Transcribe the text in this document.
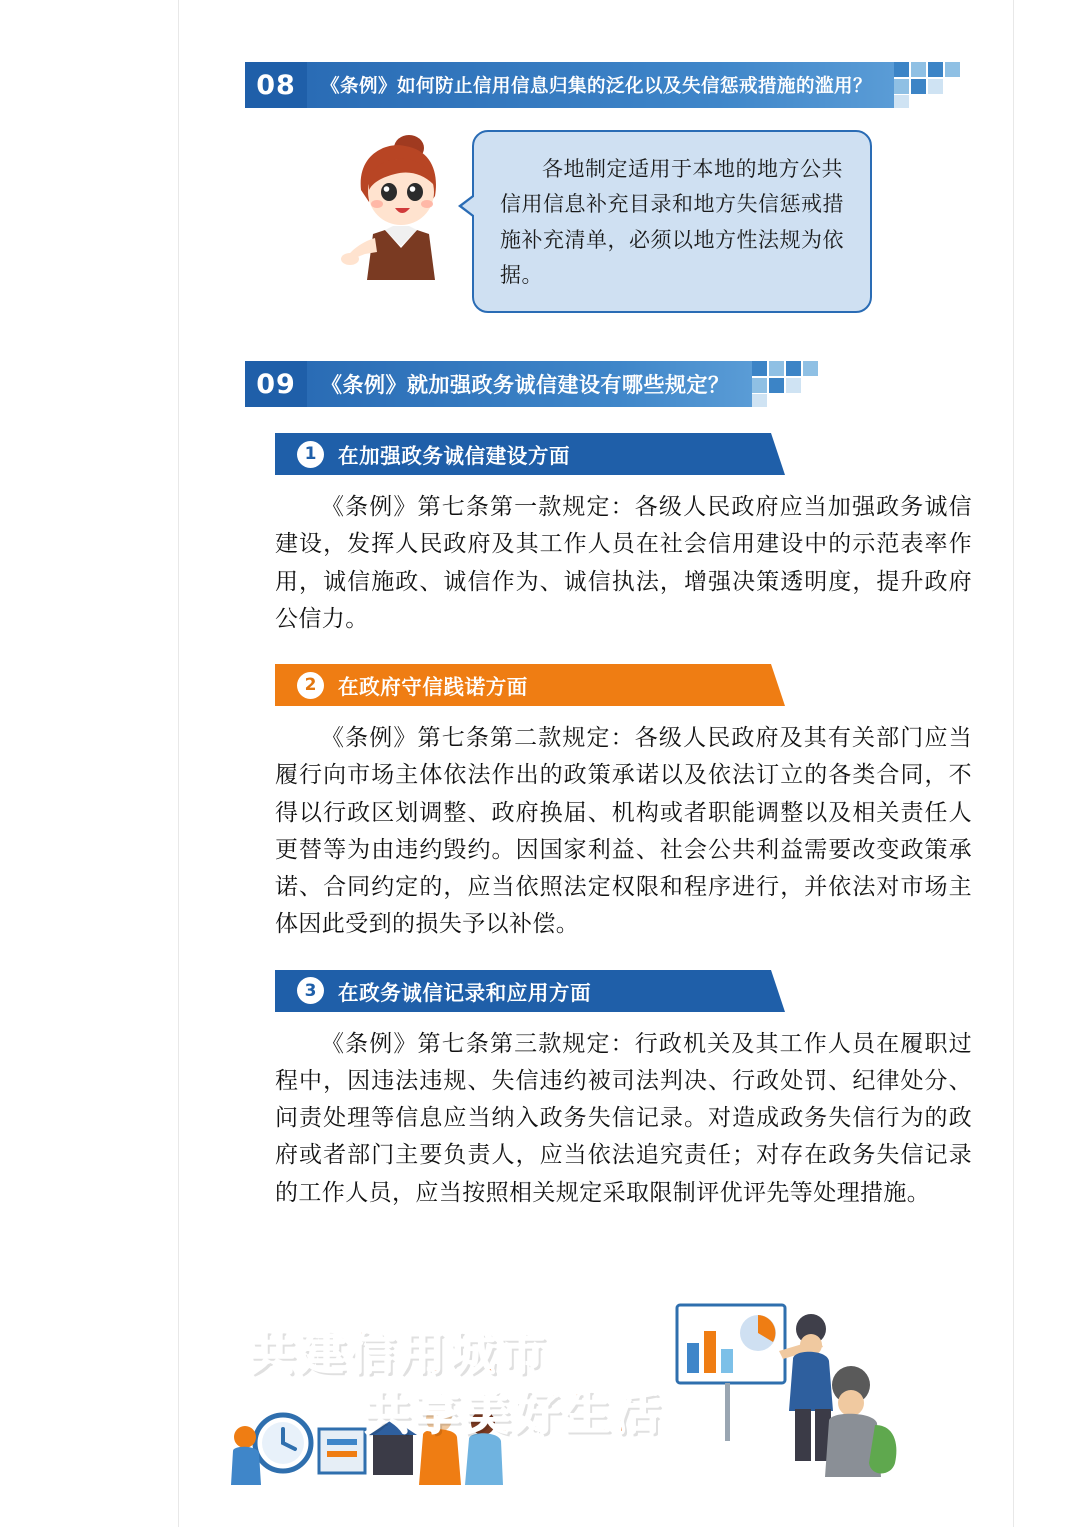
08	《条例》如何防止信用信息归集的泛化以及失信惩戒措施的滥用？

各地制定适用于本地的地方公共信用信息补充目录和地方失信惩戒措施补充清单，必须以地方性法规为依据。

09	《条例》就加强政务诚信建设有哪些规定？
1	在加强政务诚信建设方面
《条例》第七条第一款规定：各级人民政府应当加强政务诚信建设，发挥人民政府及其工作人员在社会信用建设中的示范表率作用，诚信施政、诚信作为、诚信执法，增强决策透明度，提升政府公信力。
2	在政府守信践诺方面
《条例》第七条第二款规定：各级人民政府及其有关部门应当履行向市场主体依法作出的政策承诺以及依法订立的各类合同，不得以行政区划调整、政府换届、机构或者职能调整以及相关责任人更替等为由违约毁约。因国家利益、社会公共利益需要改变政策承诺、合同约定的，应当依照法定权限和程序进行，并依法对市场主体因此受到的损失予以补偿。
3	在政务诚信记录和应用方面
《条例》第七条第三款规定：行政机关及其工作人员在履职过程中，因违法违规、失信违约被司法判决、行政处罚、纪律处分、问责处理等信息应当纳入政务失信记录。对造成政务失信行为的政府或者部门主要负责人，应当依法追究责任；对存在政务失信记录的工作人员，应当按照相关规定采取限制评优评先等处理措施。
共建信用城市
共享美好生活
